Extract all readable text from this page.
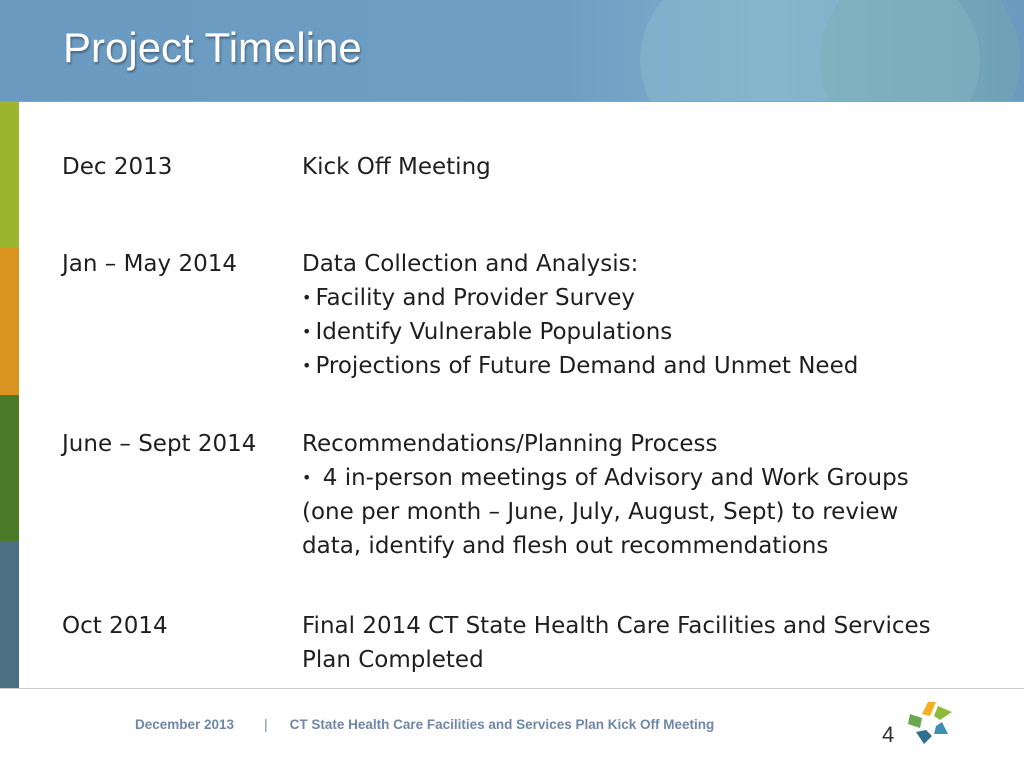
Project Timeline
Dec 2013	Kick Off Meeting
Jan – May 2014	Data Collection and Analysis:
• Facility and Provider Survey
• Identify Vulnerable Populations
• Projections of Future Demand and Unmet Need
June – Sept 2014	Recommendations/Planning Process
• 4 in-person meetings of Advisory and Work Groups (one per month – June, July, August, Sept) to review data, identify and flesh out recommendations
Oct 2014	Final 2014 CT State Health Care Facilities and Services Plan Completed
December 2013 | CT State Health Care Facilities and Services Plan Kick Off Meeting	4
